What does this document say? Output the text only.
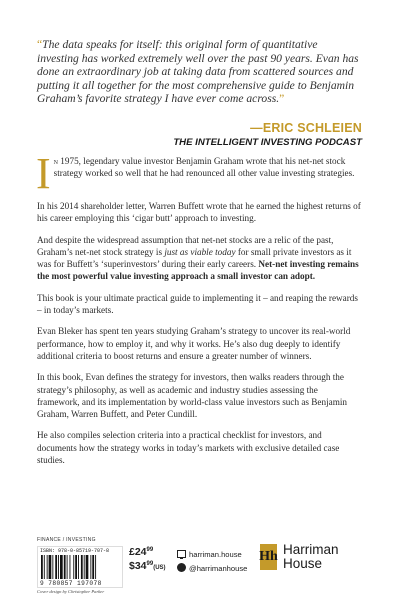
“The data speaks for itself: this original form of quantitative investing has worked extremely well over the past 90 years. Evan has done an extraordinary job at taking data from scattered sources and putting it all together for the most comprehensive guide to Benjamin Graham’s favorite strategy I have ever come across.”
—ERIC SCHLEIEN
THE INTELLIGENT INVESTING PODCAST

In 1975, legendary value investor Benjamin Graham wrote that his net-net stock strategy worked so well that he had renounced all other value investing strategies.

In his 2014 shareholder letter, Warren Buffett wrote that he earned the highest returns of his career employing this ‘cigar butt’ approach to investing.

And despite the widespread assumption that net-net stocks are a relic of the past, Graham’s net-net stock strategy is just as viable today for small private investors as it was for Buffett’s ‘superinvestors’ during their early careers. Net-net investing remains the most powerful value investing approach a small investor can adopt.

This book is your ultimate practical guide to implementing it – and reaping the rewards – in today’s markets.

Evan Bleker has spent ten years studying Graham’s strategy to uncover its real-world performance, how to employ it, and why it works. He’s also dug deeply to identify additional criteria to boost returns and ensure a greater number of winners.

In this book, Evan defines the strategy for investors, then walks readers through the strategy’s philosophy, as well as academic and industry studies assessing the framework, and its implementation by world-class value investors such as Benjamin Graham, Warren Buffett, and Peter Cundill.

He also compiles selection criteria into a practical checklist for investors, and documents how the strategy works in today’s markets with exclusive detailed case studies.

FINANCE / INVESTING
ISBN: 978-0-85719-707-8
9 780857 197078
$£24^{99}$
$\$34^{99}(US)$
harriman.house
@harrimanhouse
Hh Harriman
House
Cover design by Christopher Parker
